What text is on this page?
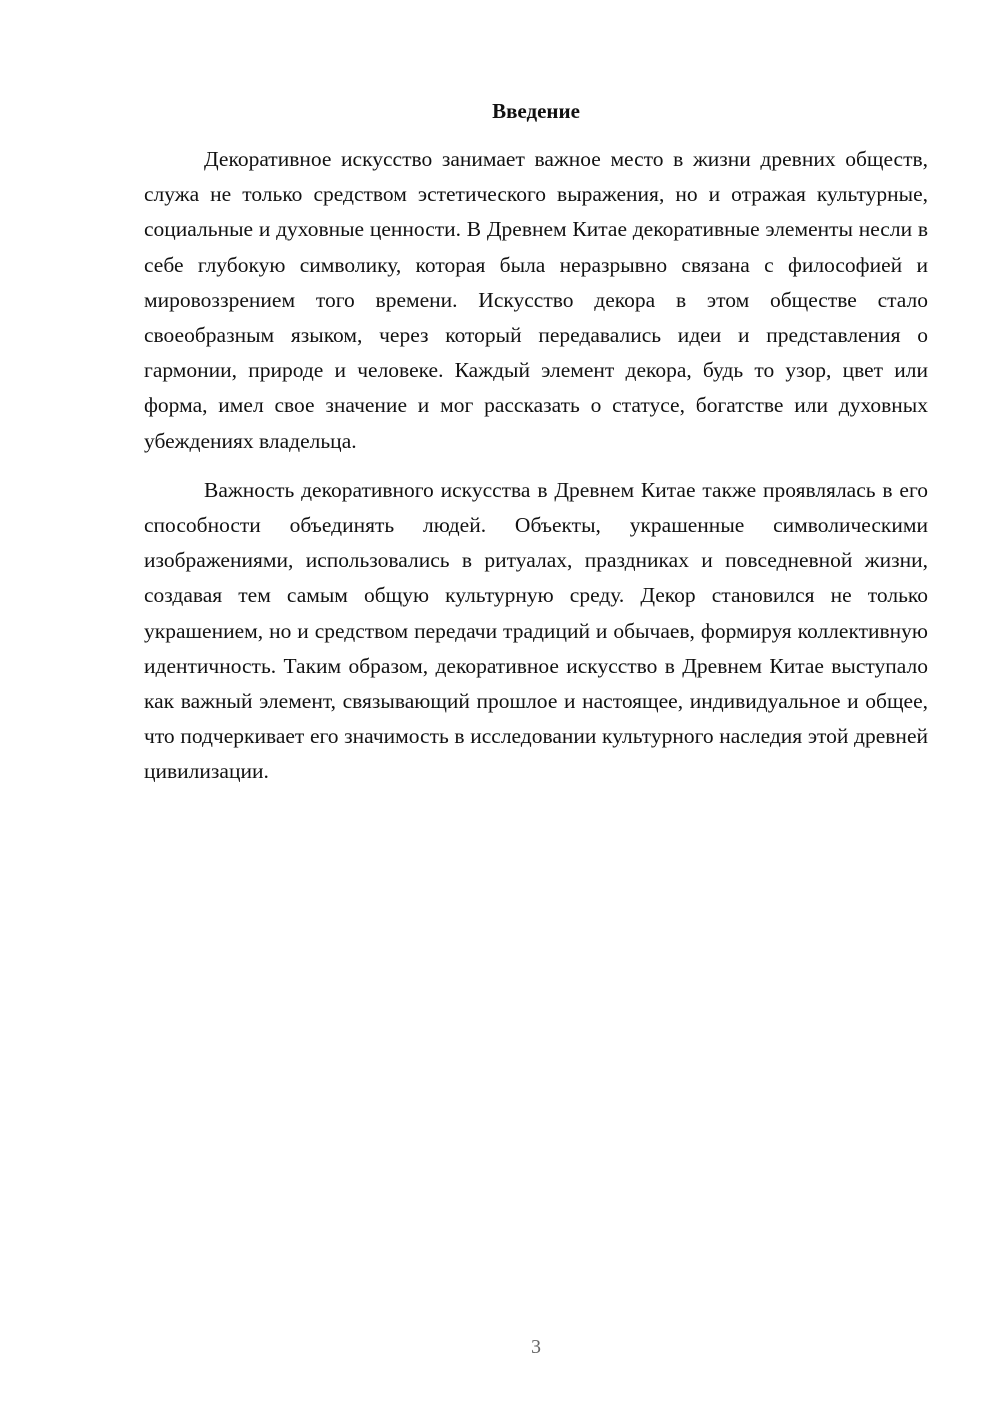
Введение

Декоративное искусство занимает важное место в жизни древних обществ, служа не только средством эстетического выражения, но и отражая культурные, социальные и духовные ценности. В Древнем Китае декоративные элементы несли в себе глубокую символику, которая была неразрывно связана с философией и мировоззрением того времени. Искусство декора в этом обществе стало своеобразным языком, через который передавались идеи и представления о гармонии, природе и человеке. Каждый элемент декора, будь то узор, цвет или форма, имел свое значение и мог рассказать о статусе, богатстве или духовных убеждениях владельца.

Важность декоративного искусства в Древнем Китае также проявлялась в его способности объединять людей. Объекты, украшенные символическими изображениями, использовались в ритуалах, праздниках и повседневной жизни, создавая тем самым общую культурную среду. Декор становился не только украшением, но и средством передачи традиций и обычаев, формируя коллективную идентичность. Таким образом, декоративное искусство в Древнем Китае выступало как важный элемент, связывающий прошлое и настоящее, индивидуальное и общее, что подчеркивает его значимость в исследовании культурного наследия этой древней цивилизации.

3
